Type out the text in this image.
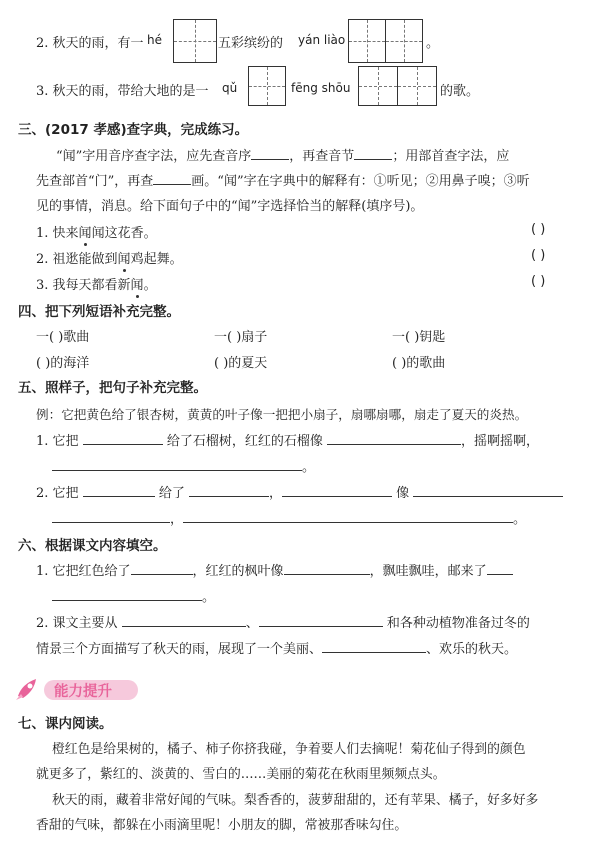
2. 秋天的雨，有一 hé	五彩缤纷的 yán liào	。
3. 秋天的雨，带给大地的是一 qǔ	fēng shōu	的歌。
三、(2017 孝感)查字典，完成练习。
“闻”字用音序查字法，应先查音序	，再查音节	；用部首查字法，应
先查部首“门”，再查	画。“闻”字在字典中的解释有：①听见；②用鼻子嗅；③听
见的事情，消息。给下面句子中的“闻”字选择恰当的解释(填序号)。
1. 快来闻闻这花香。	( )
2. 祖逖能做到闻鸡起舞。	( )
3. 我每天都看新闻。	( )
四、把下列短语补充完整。
一( )歌曲	一( )扇子	一( )钥匙
( )的海洋	( )的夏天	( )的歌曲
五、照样子，把句子补充完整。
例：它把黄色给了银杏树，黄黄的叶子像一把把小扇子，扇哪扇哪，扇走了夏天的炎热。
1. 它把	给了石榴树，红红的石榴像	，摇啊摇啊，
。
2. 它把	给了	，	像
，	。
六、根据课文内容填空。
1. 它把红色给了	，红红的枫叶像	，飘哇飘哇，邮来了
。
2. 课文主要从	、	和各种动植物准备过冬的
情景三个方面描写了秋天的雨，展现了一个美丽、	、欢乐的秋天。
能力提升
七、课内阅读。
橙红色是给果树的，橘子、柿子你挤我碰，争着要人们去摘呢！菊花仙子得到的颜色
就更多了，紫红的、淡黄的、雪白的……美丽的菊花在秋雨里频频点头。
秋天的雨，藏着非常好闻的气味。梨香香的，菠萝甜甜的，还有苹果、橘子，好多好多
香甜的气味，都躲在小雨滴里呢！小朋友的脚，常被那香味勾住。
